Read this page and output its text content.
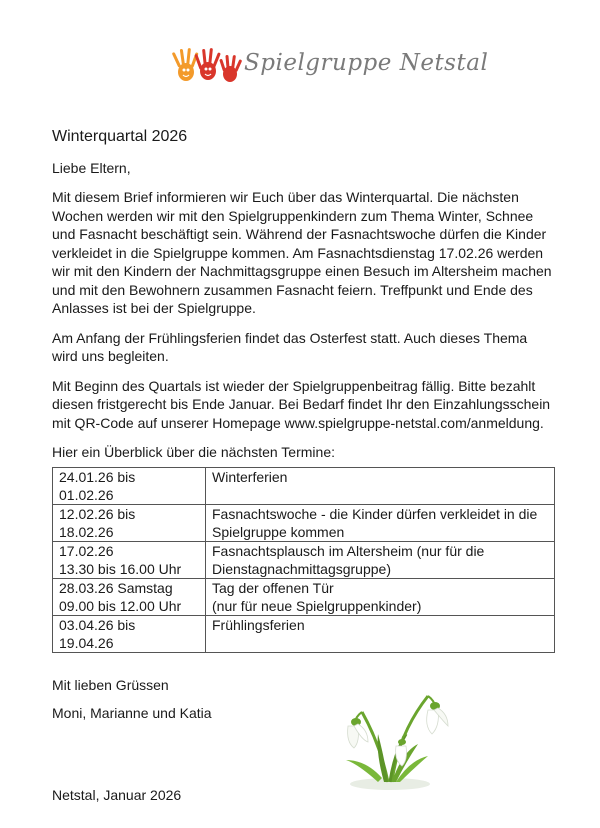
Spielgruppe Netstal
Winterquartal 2026
Liebe Eltern,
Mit diesem Brief informieren wir Euch über das Winterquartal. Die nächsten Wochen werden wir mit den Spielgruppenkindern zum Thema Winter, Schnee und Fasnacht beschäftigt sein. Während der Fasnachtswoche dürfen die Kinder verkleidet in die Spielgruppe kommen. Am Fasnachtsdienstag 17.02.26 werden wir mit den Kindern der Nachmittagsgruppe einen Besuch im Altersheim machen und mit den Bewohnern zusammen Fasnacht feiern. Treffpunkt und Ende des Anlasses ist bei der Spielgruppe.
Am Anfang der Frühlingsferien findet das Osterfest statt. Auch dieses Thema wird uns begleiten.
Mit Beginn des Quartals ist wieder der Spielgruppenbeitrag fällig. Bitte bezahlt diesen fristgerecht bis Ende Januar. Bei Bedarf findet Ihr den Einzahlungsschein mit QR-Code auf unserer Homepage www.spielgruppe-netstal.com/anmeldung.
Hier ein Überblick über die nächsten Termine:
24.01.26 bis
01.02.26	Winterferien

12.02.26 bis
18.02.26	Fasnachtswoche - die Kinder dürfen verkleidet in die
Spielgruppe kommen

17.02.26
13.30 bis 16.00 Uhr	Fasnachtsplausch im Altersheim (nur für die
Dienstagnachmittagsgruppe)

28.03.26 Samstag
09.00 bis 12.00 Uhr	Tag der offenen Tür
(nur für neue Spielgruppenkinder)

03.04.26 bis
19.04.26	Frühlingsferien
Mit lieben Grüssen
Moni, Marianne und Katia
Netstal, Januar 2026
